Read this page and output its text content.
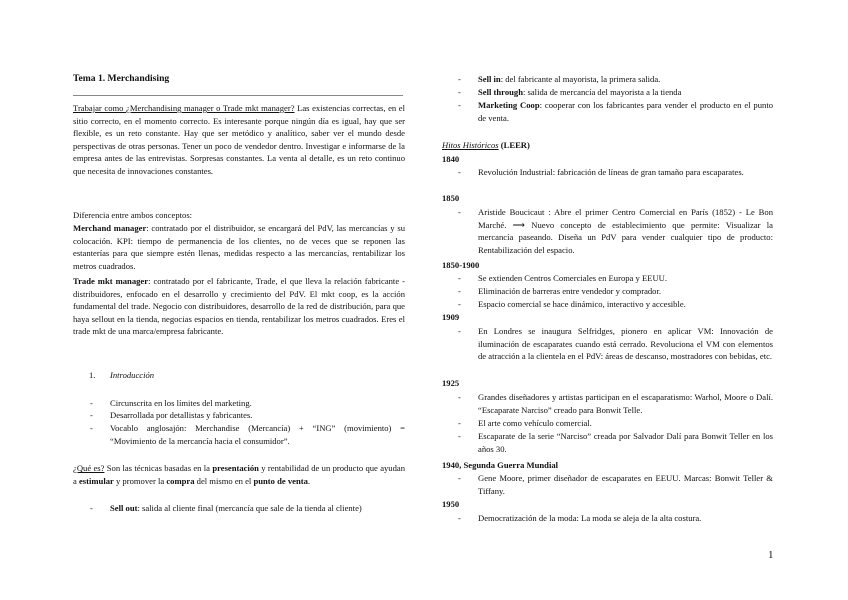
Tema 1. Merchandising
Trabajar como ¿Merchandising manager o Trade mkt manager? Las existencias correctas, en el sitio correcto, en el momento correcto. Es interesante porque ningún día es igual, hay que ser flexible, es un reto constante. Hay que ser metódico y analítico, saber ver el mundo desde perspectivas de otras personas. Tener un poco de vendedor dentro. Investigar e informarse de la empresa antes de las entrevistas. Sorpresas constantes. La venta al detalle, es un reto continuo que necesita de innovaciones constantes.
Diferencia entre ambos conceptos:
Merchand manager: contratado por el distribuidor, se encargará del PdV, las mercancías y su colocación. KPI: tiempo de permanencia de los clientes, no de veces que se reponen las estanterías para que siempre estén llenas, medidas respecto a las mercancías, rentabilizar los metros cuadrados.
Trade mkt manager: contratado por el fabricante, Trade, el que lleva la relación fabricante - distribuidores, enfocado en el desarrollo y crecimiento del PdV. El mkt coop, es la acción fundamental del trade. Negocio con distribuidores, desarrollo de la red de distribución, para que haya sellout en la tienda, negocias espacios en tienda, rentabilizar los metros cuadrados. Eres el trade mkt de una marca/empresa fabricante.
1. Introducción
- Circunscrita en los límites del marketing.
- Desarrollada por detallistas y fabricantes.
- Vocablo anglosajón: Merchandise (Mercancía) + “ING” (movimiento) = “Movimiento de la mercancía hacia el consumidor”.
¿Qué es? Son las técnicas basadas en la presentación y rentabilidad de un producto que ayudan a estimular y promover la compra del mismo en el punto de venta.
- Sell out: salida al cliente final (mercancía que sale de la tienda al cliente)
- Sell in: del fabricante al mayorista, la primera salida.
- Sell through: salida de mercancía del mayorista a la tienda
- Marketing Coop: cooperar con los fabricantes para vender el producto en el punto de venta.
Hitos Históricos (LEER)
1840
- Revolución Industrial: fabricación de líneas de gran tamaño para escaparates.
1850
- Aristide Boucicaut : Abre el primer Centro Comercial en París (1852) - Le Bon Marché. ⟶ Nuevo concepto de establecimiento que permite: Visualizar la mercancía paseando. Diseña un PdV para vender cualquier tipo de producto: Rentabilización del espacio.
1850-1900
- Se extienden Centros Comerciales en Europa y EEUU.
- Eliminación de barreras entre vendedor y comprador.
- Espacio comercial se hace dinámico, interactivo y accesible.
1909
- En Londres se inaugura Selfridges, pionero en aplicar VM: Innovación de iluminación de escaparates cuando está cerrado. Revoluciona el VM con elementos de atracción a la clientela en el PdV: áreas de descanso, mostradores con bebidas, etc.
1925
- Grandes diseñadores y artistas participan en el escaparatismo: Warhol, Moore o Dalí. “Escaparate Narciso” creado para Bonwit Telle.
- El arte como vehículo comercial.
- Escaparate de la serie “Narciso” creada por Salvador Dalí para Bonwit Teller en los años 30.
1940, Segunda Guerra Mundial
- Gene Moore, primer diseñador de escaparates en EEUU. Marcas: Bonwit Teller & Tiffany.
1950
- Democratización de la moda: La moda se aleja de la alta costura.
1
